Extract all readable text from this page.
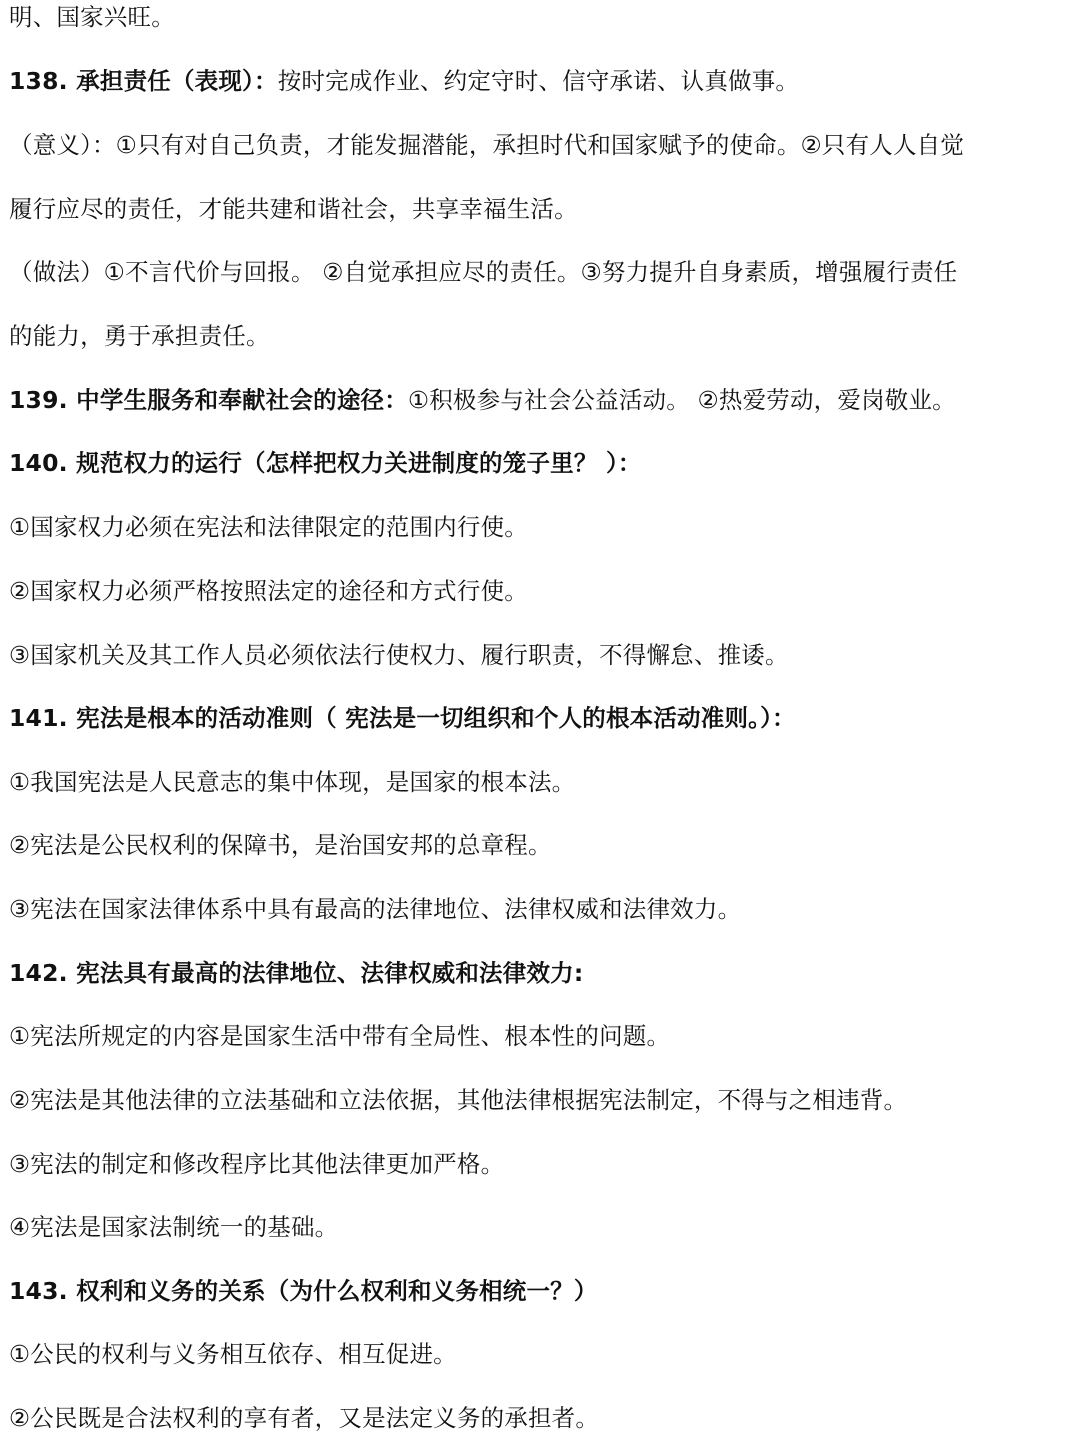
明、国家兴旺。
138. 承担责任（表现）：按时完成作业、约定守时、信守承诺、认真做事。
（意义）：①只有对自己负责，才能发掘潜能，承担时代和国家赋予的使命。②只有人人自觉
履行应尽的责任，才能共建和谐社会，共享幸福生活。
（做法）①不言代价与回报。 ②自觉承担应尽的责任。③努力提升自身素质，增强履行责任
的能力，勇于承担责任。
139. 中学生服务和奉献社会的途径：①积极参与社会公益活动。 ②热爱劳动，爱岗敬业。
140. 规范权力的运行（怎样把权力关进制度的笼子里？ ）：
①国家权力必须在宪法和法律限定的范围内行使。
②国家权力必须严格按照法定的途径和方式行使。
③国家机关及其工作人员必须依法行使权力、履行职责，不得懈怠、推诿。
141. 宪法是根本的活动准则（ 宪法是一切组织和个人的根本活动准则。）：
①我国宪法是人民意志的集中体现，是国家的根本法。
②宪法是公民权利的保障书，是治国安邦的总章程。
③宪法在国家法律体系中具有最高的法律地位、法律权威和法律效力。
142. 宪法具有最高的法律地位、法律权威和法律效力:
①宪法所规定的内容是国家生活中带有全局性、根本性的问题。
②宪法是其他法律的立法基础和立法依据，其他法律根据宪法制定，不得与之相违背。
③宪法的制定和修改程序比其他法律更加严格。
④宪法是国家法制统一的基础。
143. 权利和义务的关系（为什么权利和义务相统一？）
①公民的权利与义务相互依存、相互促进。
②公民既是合法权利的享有者，又是法定义务的承担者。
